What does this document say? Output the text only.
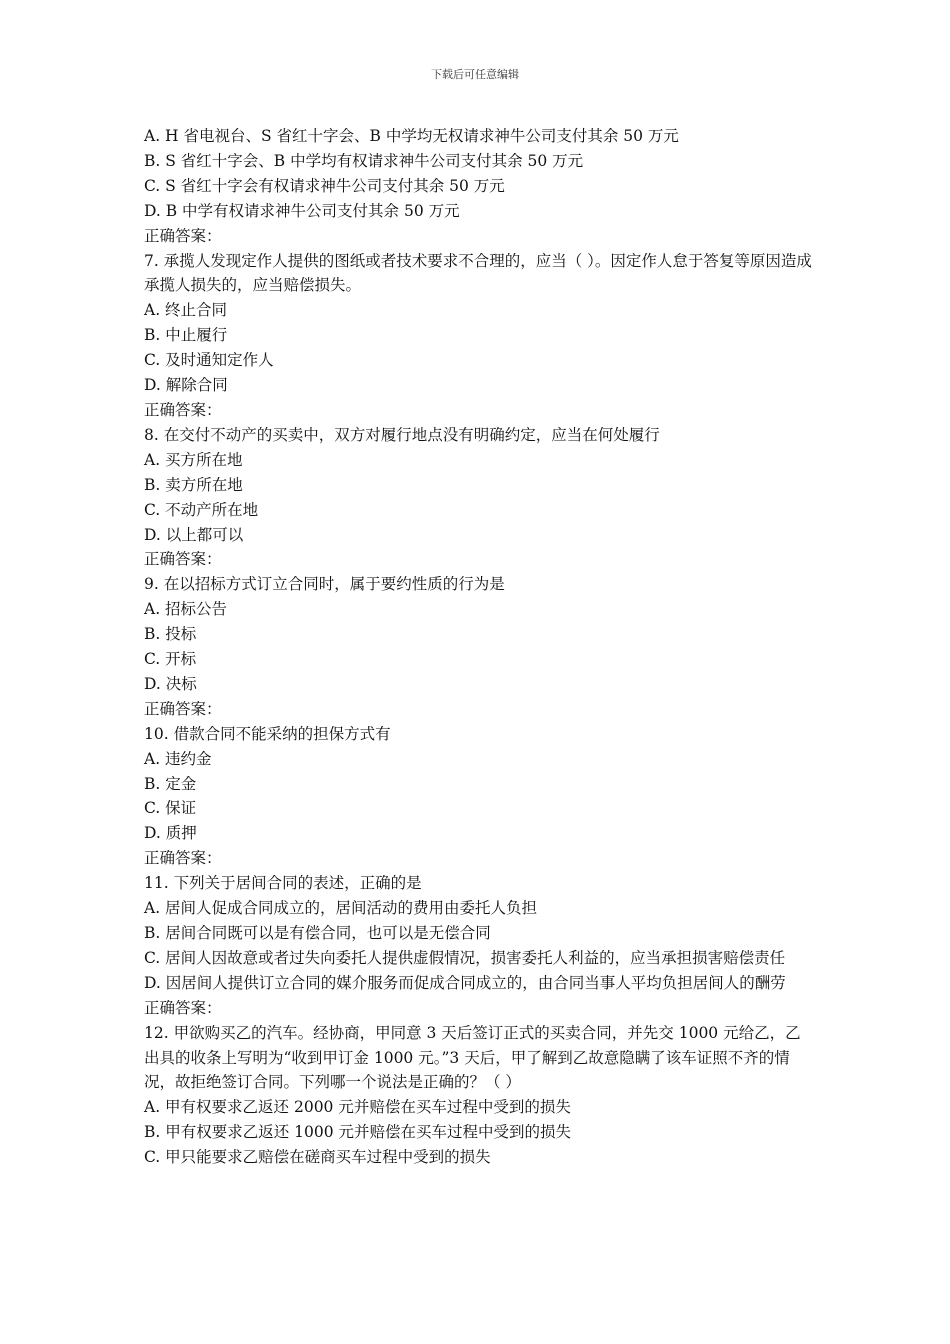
下载后可任意编辑

A. H 省电视台、S 省红十字会、B 中学均无权请求神牛公司支付其余 50 万元

B. S 省红十字会、B 中学均有权请求神牛公司支付其余 50 万元

C. S 省红十字会有权请求神牛公司支付其余 50 万元

D. B 中学有权请求神牛公司支付其余 50 万元

正确答案：

7. 承揽人发现定作人提供的图纸或者技术要求不合理的，应当（ ）。因定作人怠于答复等原因造成承揽人损失的，应当赔偿损失。

A. 终止合同

B. 中止履行

C. 及时通知定作人

D. 解除合同

正确答案：

8. 在交付不动产的买卖中，双方对履行地点没有明确约定，应当在何处履行

A. 买方所在地

B. 卖方所在地

C. 不动产所在地

D. 以上都可以

正确答案：

9. 在以招标方式订立合同时，属于要约性质的行为是

A. 招标公告

B. 投标

C. 开标

D. 决标

正确答案：

10. 借款合同不能采纳的担保方式有

A. 违约金

B. 定金

C. 保证

D. 质押

正确答案：

11. 下列关于居间合同的表述，正确的是

A. 居间人促成合同成立的，居间活动的费用由委托人负担

B. 居间合同既可以是有偿合同，也可以是无偿合同

C. 居间人因故意或者过失向委托人提供虚假情况，损害委托人利益的，应当承担损害赔偿责任

D. 因居间人提供订立合同的媒介服务而促成合同成立的，由合同当事人平均负担居间人的酬劳

正确答案：

12. 甲欲购买乙的汽车。经协商，甲同意 3 天后签订正式的买卖合同，并先交 1000 元给乙，乙出具的收条上写明为“收到甲订金 1000 元。”3 天后，甲了解到乙故意隐瞒了该车证照不齐的情况，故拒绝签订合同。下列哪一个说法是正确的？（ ）

A. 甲有权要求乙返还 2000 元并赔偿在买车过程中受到的损失

B. 甲有权要求乙返还 1000 元并赔偿在买车过程中受到的损失

C. 甲只能要求乙赔偿在磋商买车过程中受到的损失
